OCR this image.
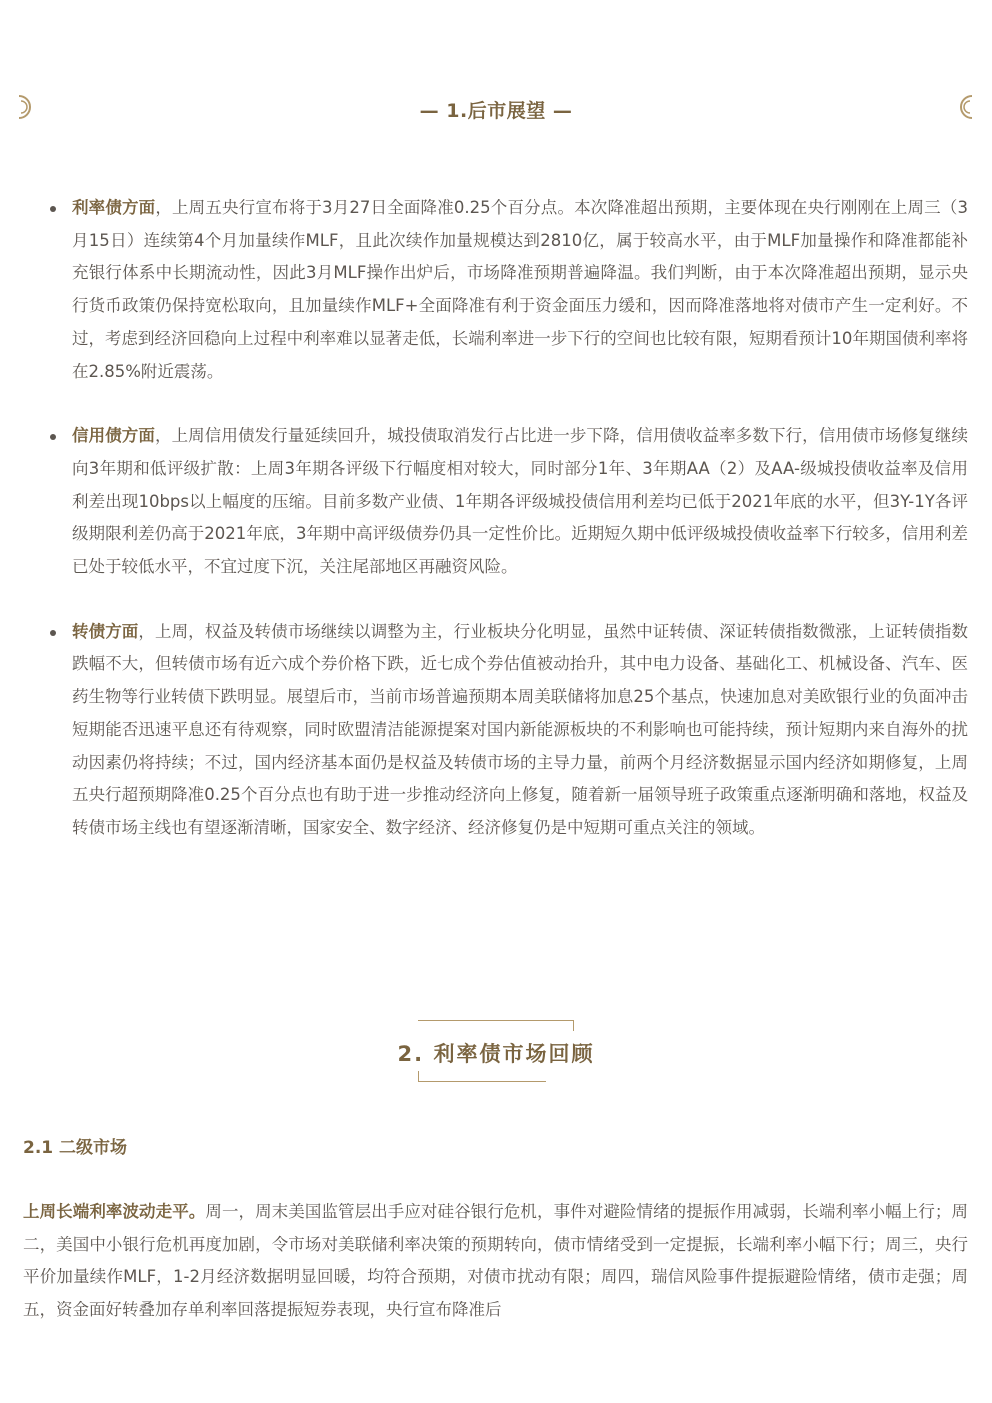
— 1.后市展望 —
利率债方面，上周五央行宣布将于3月27日全面降准0.25个百分点。本次降准超出预期，主要体现在央行刚刚在上周三（3月15日）连续第4个月加量续作MLF，且此次续作加量规模达到2810亿，属于较高水平，由于MLF加量操作和降准都能补充银行体系中长期流动性，因此3月MLF操作出炉后，市场降准预期普遍降温。我们判断，由于本次降准超出预期，显示央行货币政策仍保持宽松取向，且加量续作MLF+全面降准有利于资金面压力缓和，因而降准落地将对债市产生一定利好。不过，考虑到经济回稳向上过程中利率难以显著走低，长端利率进一步下行的空间也比较有限，短期看预计10年期国债利率将在2.85%附近震荡。
信用债方面，上周信用债发行量延续回升，城投债取消发行占比进一步下降，信用债收益率多数下行，信用债市场修复继续向3年期和低评级扩散：上周3年期各评级下行幅度相对较大，同时部分1年、3年期AA（2）及AA-级城投债收益率及信用利差出现10bps以上幅度的压缩。目前多数产业债、1年期各评级城投债信用利差均已低于2021年底的水平，但3Y-1Y各评级期限利差仍高于2021年底，3年期中高评级债券仍具一定性价比。近期短久期中低评级城投债收益率下行较多，信用利差已处于较低水平，不宜过度下沉，关注尾部地区再融资风险。
转债方面，上周，权益及转债市场继续以调整为主，行业板块分化明显，虽然中证转债、深证转债指数微涨，上证转债指数跌幅不大，但转债市场有近六成个券价格下跌，近七成个券估值被动抬升，其中电力设备、基础化工、机械设备、汽车、医药生物等行业转债下跌明显。展望后市，当前市场普遍预期本周美联储将加息25个基点，快速加息对美欧银行业的负面冲击短期能否迅速平息还有待观察，同时欧盟清洁能源提案对国内新能源板块的不利影响也可能持续，预计短期内来自海外的扰动因素仍将持续；不过，国内经济基本面仍是权益及转债市场的主导力量，前两个月经济数据显示国内经济如期修复，上周五央行超预期降准0.25个百分点也有助于进一步推动经济向上修复，随着新一届领导班子政策重点逐渐明确和落地，权益及转债市场主线也有望逐渐清晰，国家安全、数字经济、经济修复仍是中短期可重点关注的领域。
2. 利率债市场回顾
2.1 二级市场

上周长端利率波动走平。周一，周末美国监管层出手应对硅谷银行危机，事件对避险情绪的提振作用减弱，长端利率小幅上行；周二，美国中小银行危机再度加剧，令市场对美联储利率决策的预期转向，债市情绪受到一定提振，长端利率小幅下行；周三，央行平价加量续作MLF，1-2月经济数据明显回暖，均符合预期，对债市扰动有限；周四，瑞信风险事件提振避险情绪，债市走强；周五，资金面好转叠加存单利率回落提振短券表现，央行宣布降准后
